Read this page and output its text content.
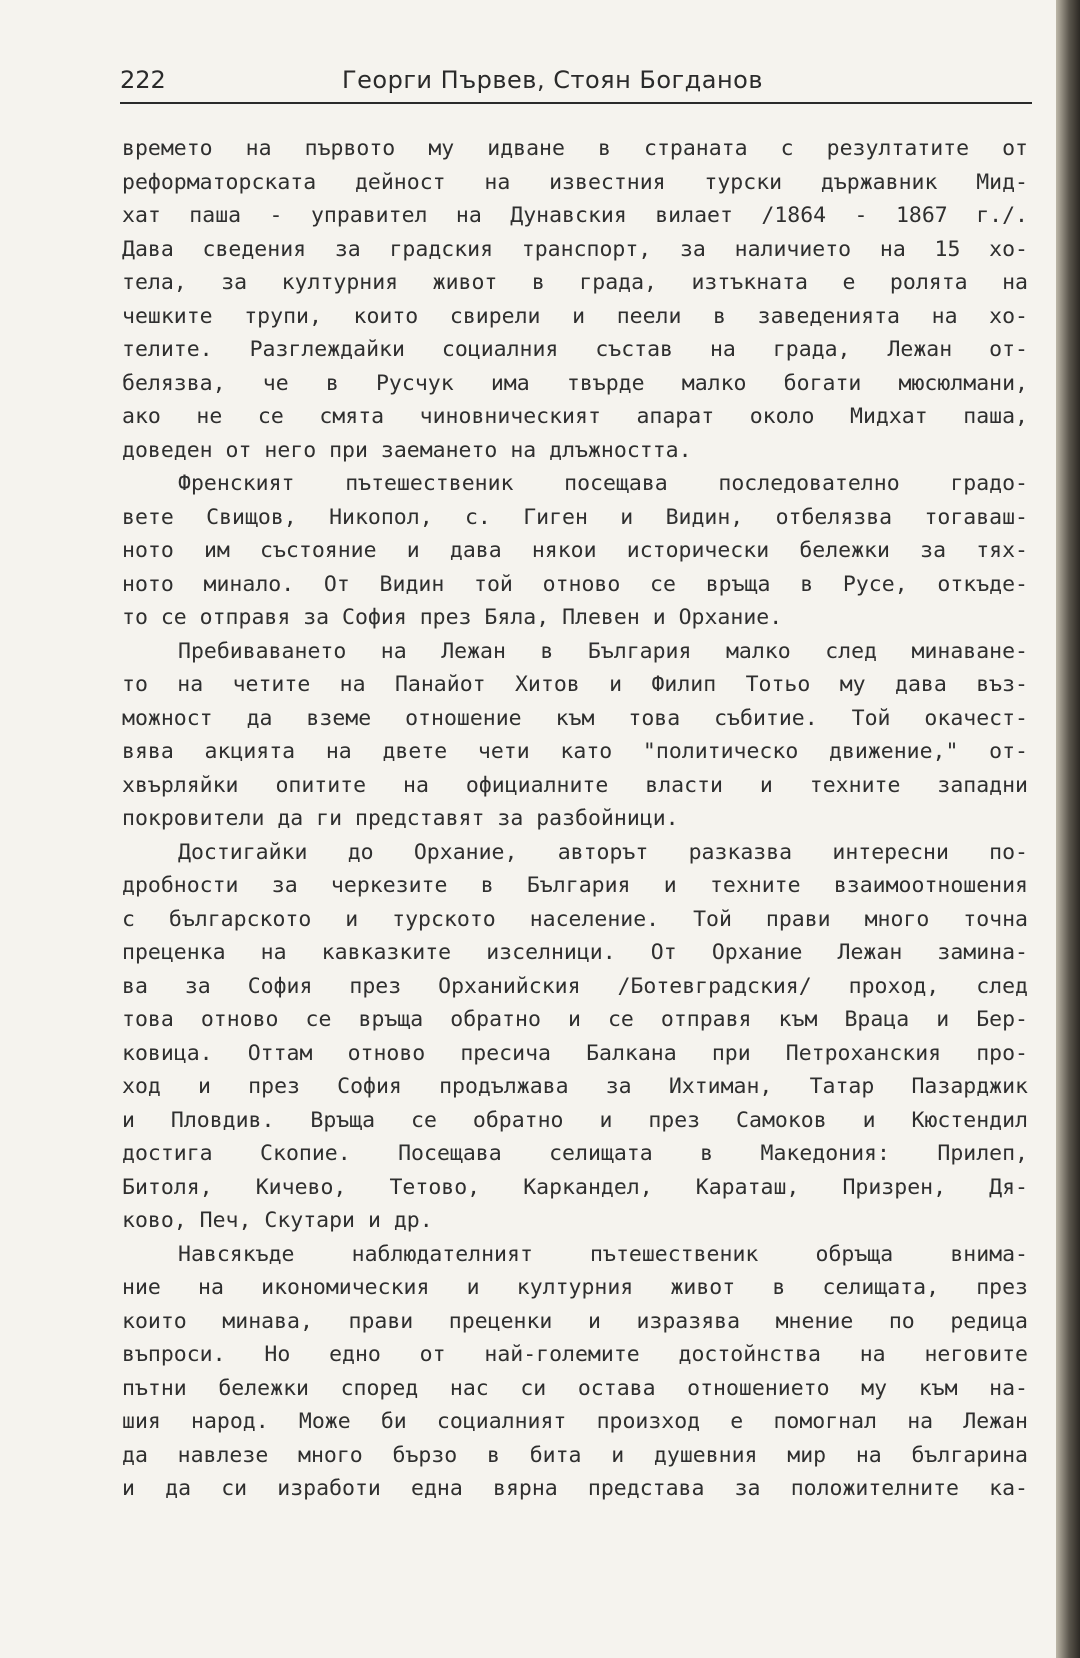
222	Георги Първев, Стоян Богданов
времето на първото му идване в страната с резултатите от
реформаторската дейност на известния турски държавник Мид-
хат паша - управител на Дунавския вилает /1864 - 1867 г./.
Дава сведения за градския транспорт, за наличието на 15 хо-
тела, за културния живот в града, изтъкната е ролята на
чешките трупи, които свирели и пеели в заведенията на хо-
телите. Разглеждайки социалния състав на града, Лежан от-
белязва, че в Русчук има твърде малко богати мюсюлмани,
ако не се смята чиновническият апарат около Мидхат паша,
доведен от него при заемането на длъжността.
Френският пътешественик посещава последователно градо-
вете Свищов, Никопол, с. Гиген и Видин, отбелязва тогаваш-
ното им състояние и дава някои исторически бележки за тях-
ното минало. От Видин той отново се връща в Русе, откъде-
то се отправя за София през Бяла, Плевен и Орхание.
Пребиваването на Лежан в България малко след минаване-
то на четите на Панайот Хитов и Филип Тотьо му дава въз-
можност да вземе отношение към това събитие. Той окачест-
вява акцията на двете чети като "политическо движение," от-
хвърляйки опитите на официалните власти и техните западни
покровители да ги представят за разбойници.
Достигайки до Орхание, авторът разказва интересни по-
дробности за черкезите в България и техните взаимоотношения
с българското и турското население. Той прави много точна
преценка на кавказките изселници. От Орхание Лежан замина-
ва за София през Орханийския /Ботевградския/ проход, след
това отново се връща обратно и се отправя към Враца и Бер-
ковица. Оттам отново пресича Балкана при Петроханския про-
ход и през София продължава за Ихтиман, Татар Пазарджик
и Пловдив. Връща се обратно и през Самоков и Кюстендил
достига Скопие. Посещава селищата в Македония: Прилеп,
Битоля, Кичево, Тетово, Каркандел, Караташ, Призрен, Дя-
ково, Печ, Скутари и др.
Навсякъде наблюдателният пътешественик обръща внима-
ние на икономическия и културния живот в селищата, през
които минава, прави преценки и изразява мнение по редица
въпроси. Но едно от най-големите достойнства на неговите
пътни бележки според нас си остава отношението му към на-
шия народ. Може би социалният произход е помогнал на Лежан
да навлезе много бързо в бита и душевния мир на българина
и да си изработи една вярна представа за положителните ка-
